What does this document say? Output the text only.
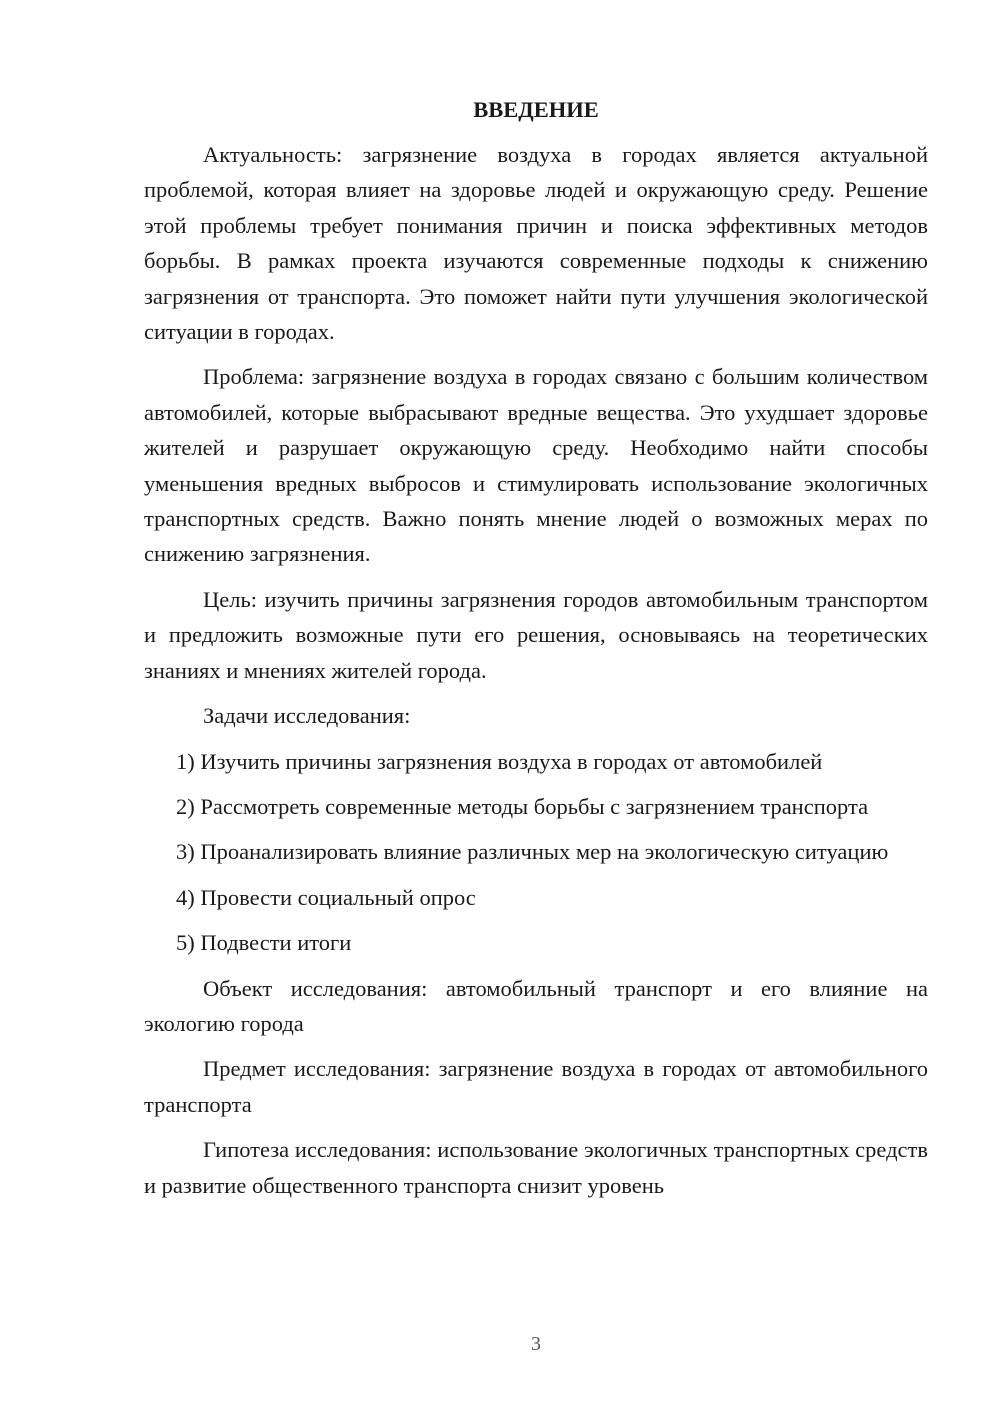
ВВЕДЕНИЕ

Актуальность: загрязнение воздуха в городах является актуальной проблемой, которая влияет на здоровье людей и окружающую среду. Решение этой проблемы требует понимания причин и поиска эффективных методов борьбы. В рамках проекта изучаются современные подходы к снижению загрязнения от транспорта. Это поможет найти пути улучшения экологической ситуации в городах.

Проблема: загрязнение воздуха в городах связано с большим количеством автомобилей, которые выбрасывают вредные вещества. Это ухудшает здоровье жителей и разрушает окружающую среду. Необходимо найти способы уменьшения вредных выбросов и стимулировать использование экологичных транспортных средств. Важно понять мнение людей о возможных мерах по снижению загрязнения.

Цель: изучить причины загрязнения городов автомобильным транспортом и предложить возможные пути его решения, основываясь на теоретических знаниях и мнениях жителей города.

Задачи исследования:

1) Изучить причины загрязнения воздуха в городах от автомобилей

2) Рассмотреть современные методы борьбы с загрязнением транспорта

3) Проанализировать влияние различных мер на экологическую ситуацию

4) Провести социальный опрос

5) Подвести итоги

Объект исследования: автомобильный транспорт и его влияние на экологию города

Предмет исследования: загрязнение воздуха в городах от автомобильного транспорта

Гипотеза исследования: использование экологичных транспортных средств и развитие общественного транспорта снизит уровень

3
